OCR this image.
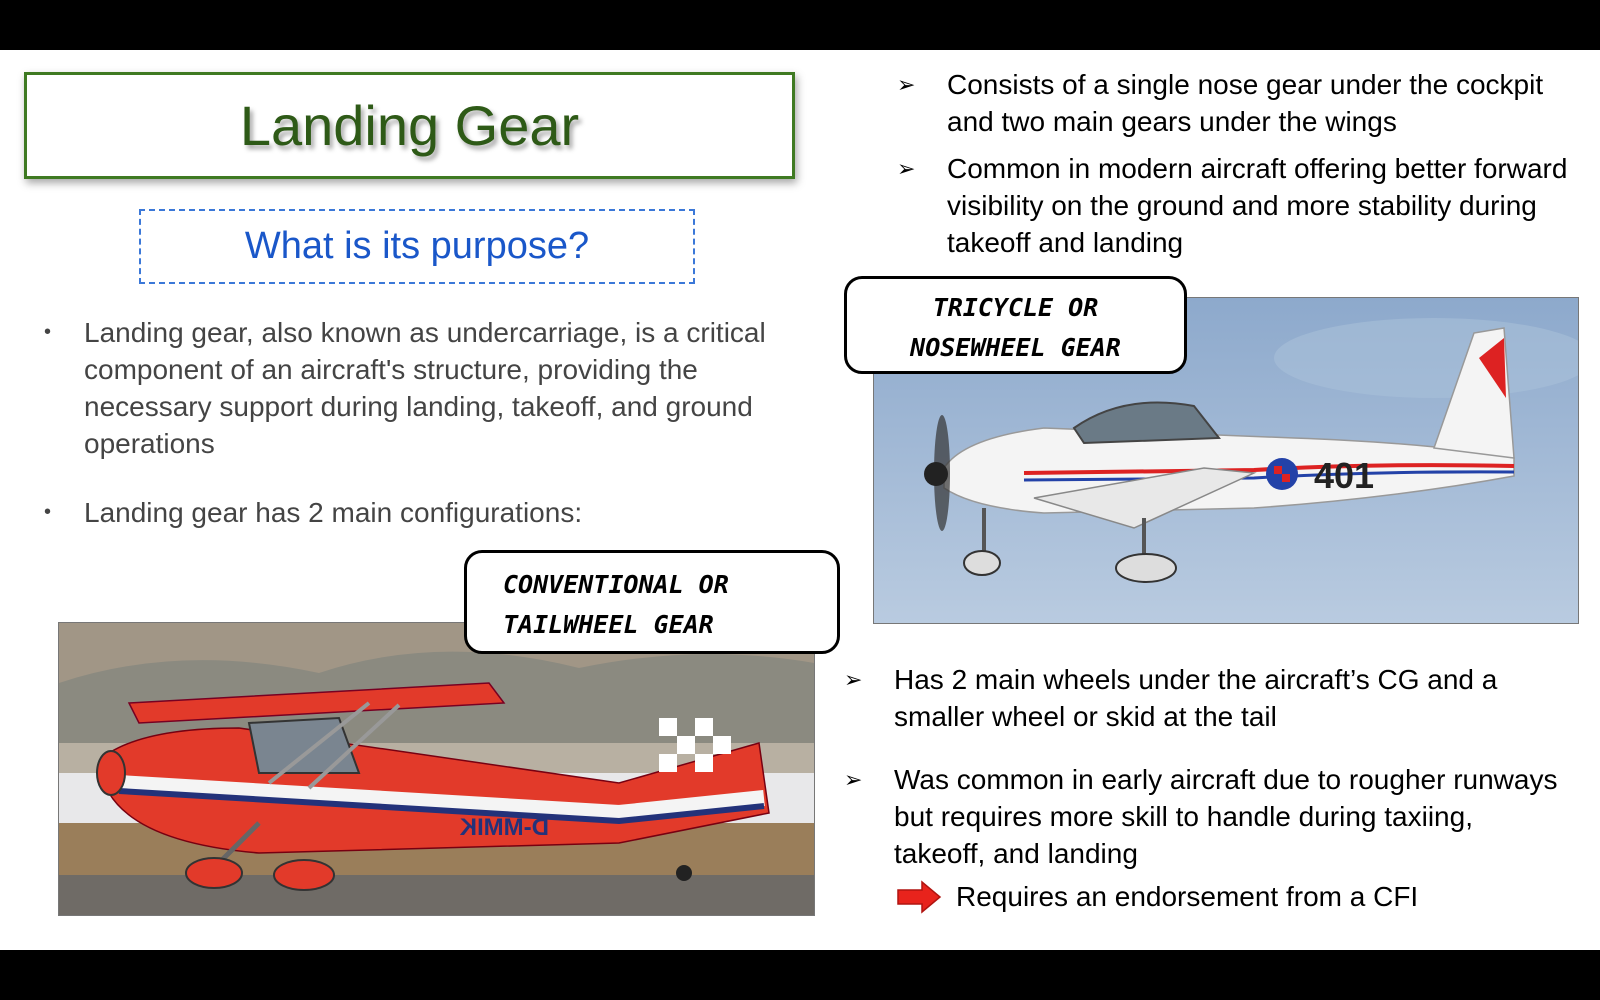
Landing Gear
What is its purpose?
•	Landing gear, also known as undercarriage, is a critical component of an aircraft's structure, providing the necessary support during landing, takeoff, and ground operations
•	Landing gear has 2 main configurations:
➢	Consists of a single nose gear under the cockpit and two main gears under the wings
➢	Common in modern aircraft offering better forward visibility on the ground and more stability during takeoff and landing
401
D-MMIK
TRICYCLE OR
NOSEWHEEL GEAR
CONVENTIONAL OR
TAILWHEEL GEAR
➢	Has 2 main wheels under the aircraft’s CG and a smaller wheel or skid at the tail
➢	Was common in early aircraft due to rougher runways but requires more skill to handle during taxiing, takeoff, and landing
Requires an endorsement from a CFI
